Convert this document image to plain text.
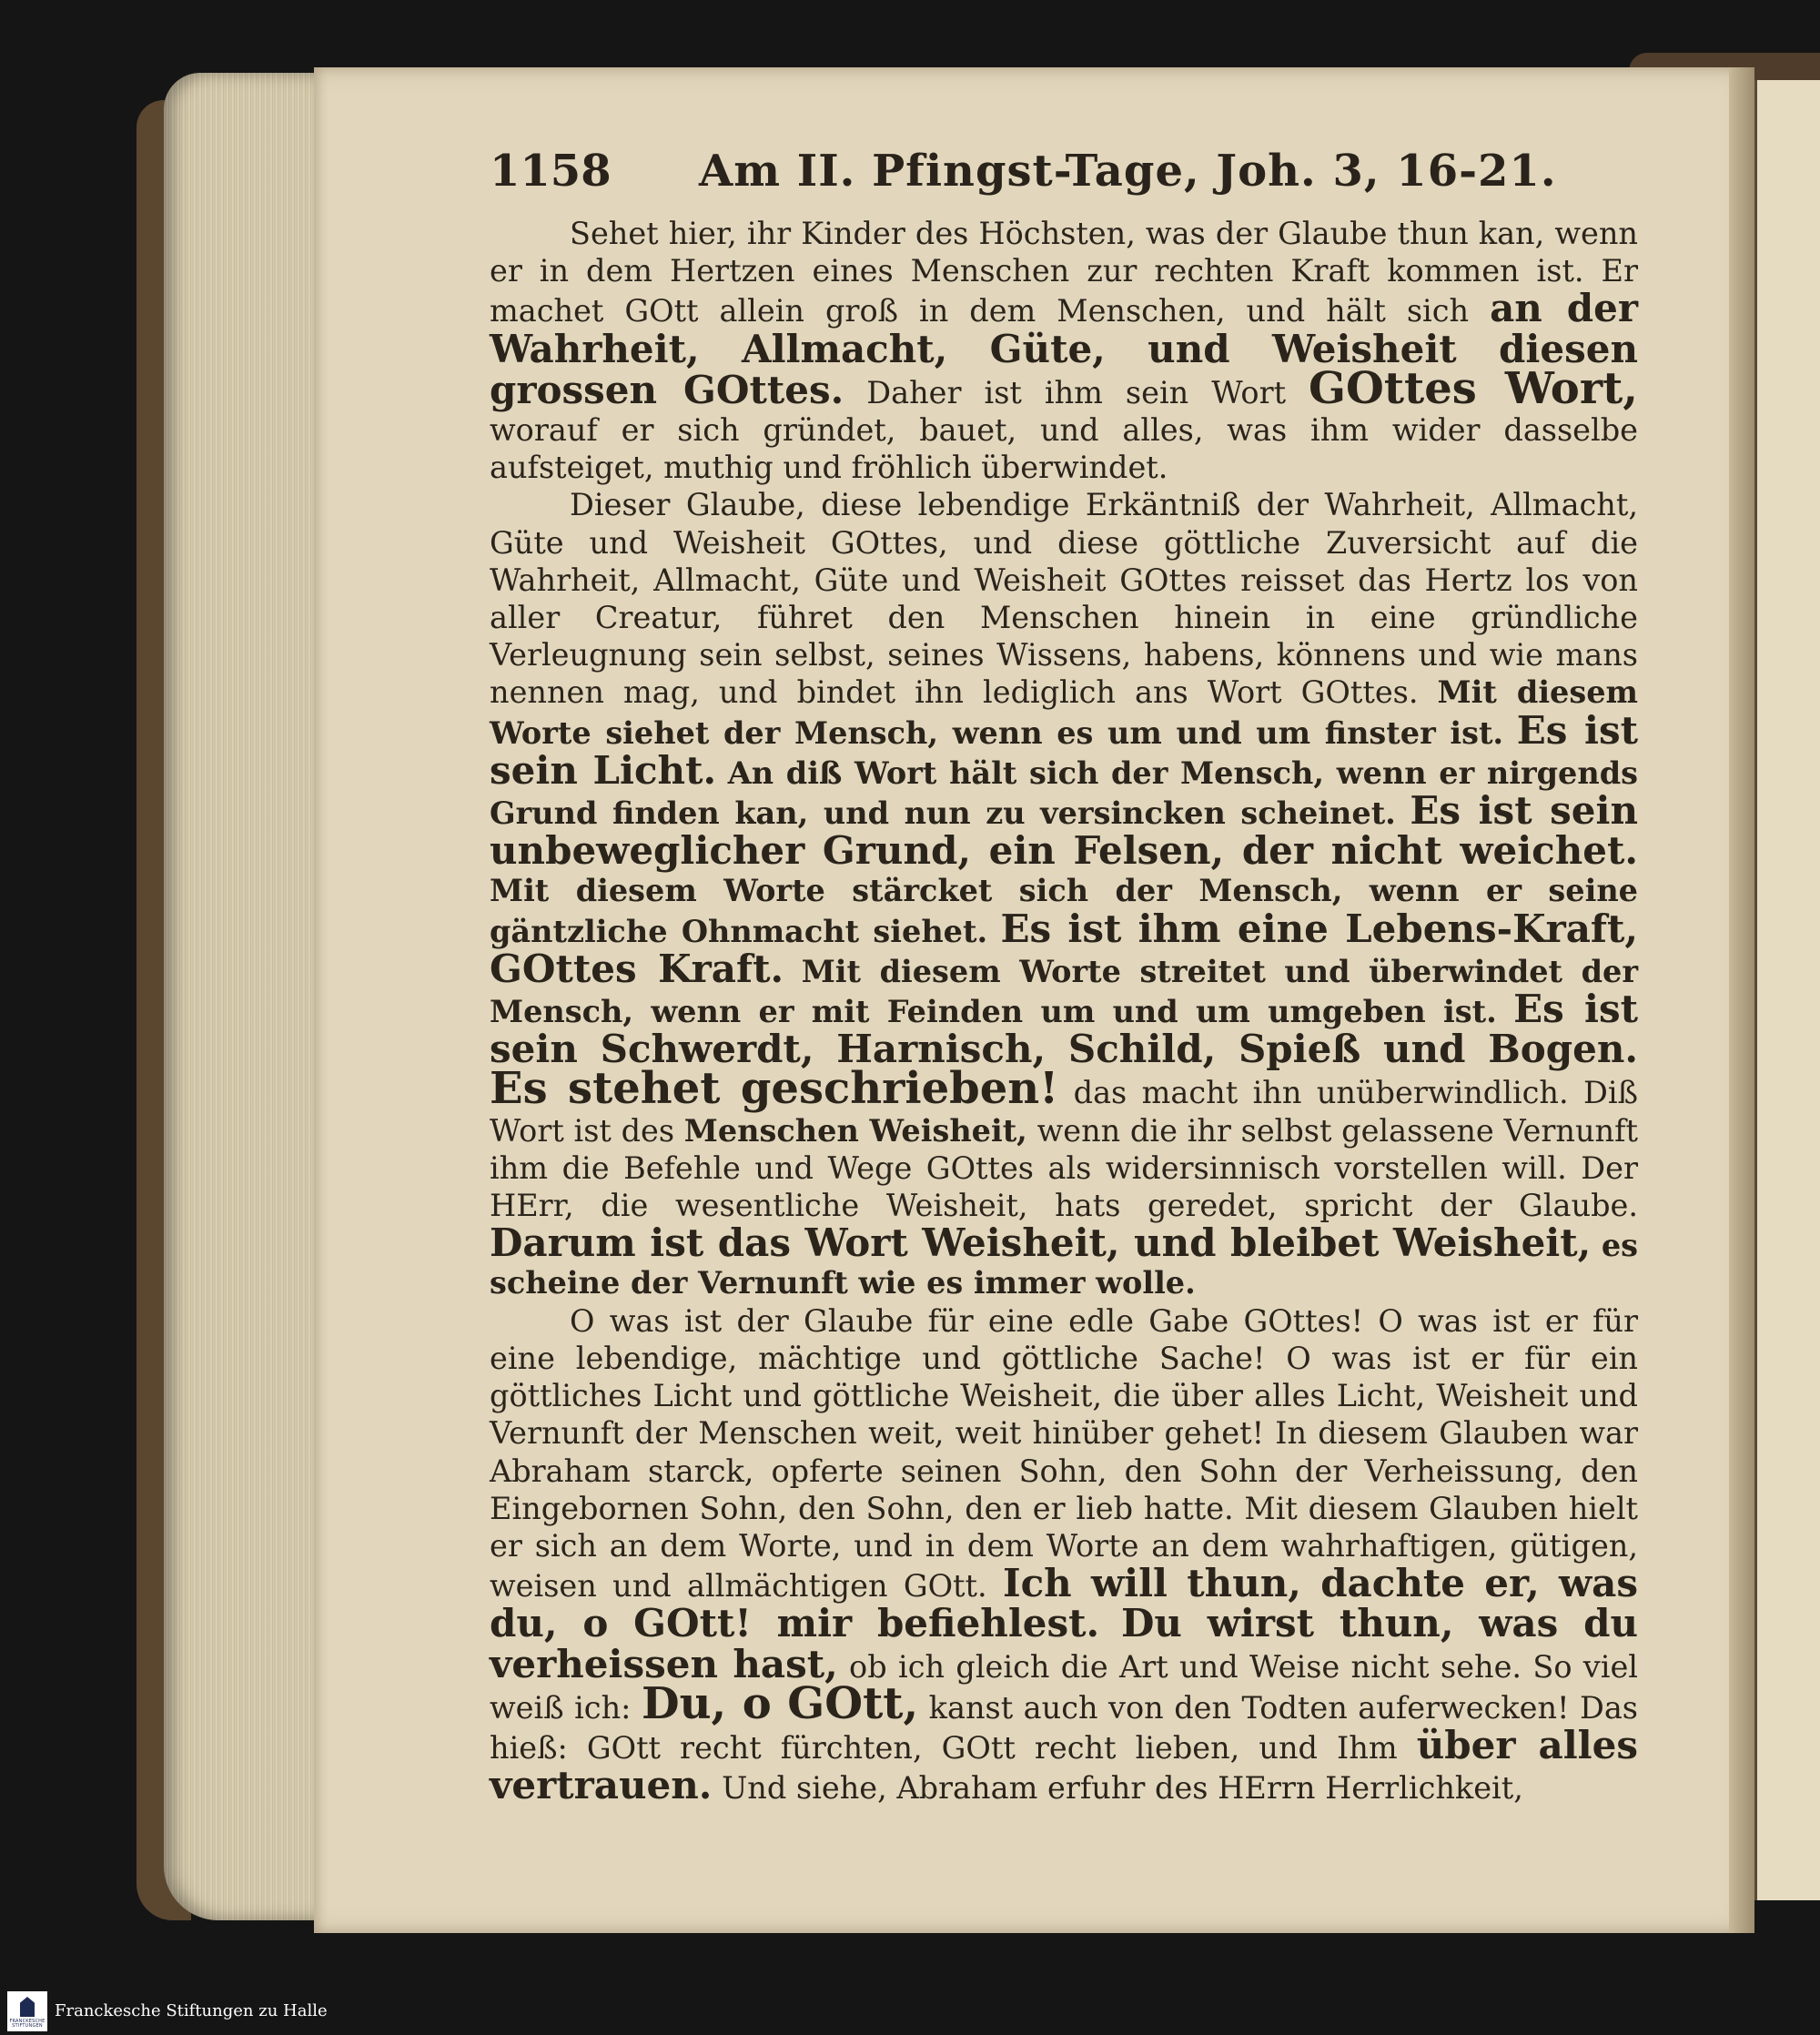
1158 Am II. Pfingst-Tage, Joh. 3, 16-21.

Sehet hier, ihr Kinder des Höchsten, was der Glaube thun kan, wenn er in dem Hertzen eines Menschen zur rechten Kraft kommen ist. Er machet GOtt allein groß in dem Menschen, und hält sich an der Wahrheit, Allmacht, Güte, und Weisheit diesen grossen GOttes. Daher ist ihm sein Wort GOttes Wort, worauf er sich gründet, bauet, und alles, was ihm wider dasselbe aufsteiget, muthig und fröhlich überwindet.

Dieser Glaube, diese lebendige Erkäntniß der Wahrheit, Allmacht, Güte und Weisheit GOttes, und diese göttliche Zuversicht auf die Wahrheit, Allmacht, Güte und Weisheit GOttes reisset das Hertz los von aller Creatur, führet den Menschen hinein in eine gründliche Verleugnung sein selbst, seines Wissens, habens, könnens und wie mans nennen mag, und bindet ihn lediglich ans Wort GOttes. Mit diesem Worte siehet der Mensch, wenn es um und um finster ist. Es ist sein Licht. An diß Wort hält sich der Mensch, wenn er nirgends Grund finden kan, und nun zu versincken scheinet. Es ist sein unbeweglicher Grund, ein Felsen, der nicht weichet. Mit diesem Worte stärcket sich der Mensch, wenn er seine gäntzliche Ohnmacht siehet. Es ist ihm eine Lebens-Kraft, GOttes Kraft. Mit diesem Worte streitet und überwindet der Mensch, wenn er mit Feinden um und um umgeben ist. Es ist sein Schwerdt, Harnisch, Schild, Spieß und Bogen. Es stehet geschrieben! das macht ihn unüberwindlich. Diß Wort ist des Menschen Weisheit, wenn die ihr selbst gelassene Vernunft ihm die Befehle und Wege GOttes als widersinnisch vorstellen will. Der HErr, die wesentliche Weisheit, hats geredet, spricht der Glaube. Darum ist das Wort Weisheit, und bleibet Weisheit, es scheine der Vernunft wie es immer wolle.

O was ist der Glaube für eine edle Gabe GOttes! O was ist er für eine lebendige, mächtige und göttliche Sache! O was ist er für ein göttliches Licht und göttliche Weisheit, die über alles Licht, Weisheit und Vernunft der Menschen weit, weit hinüber gehet! In diesem Glauben war Abraham starck, opferte seinen Sohn, den Sohn der Verheissung, den Eingebornen Sohn, den Sohn, den er lieb hatte. Mit diesem Glauben hielt er sich an dem Worte, und in dem Worte an dem wahrhaftigen, gütigen, weisen und allmächtigen GOtt. Ich will thun, dachte er, was du, o GOtt! mir befiehlest. Du wirst thun, was du verheissen hast, ob ich gleich die Art und Weise nicht sehe. So viel weiß ich: Du, o GOtt, kanst auch von den Todten auferwecken! Das hieß: GOtt recht fürchten, GOtt recht lieben, und Ihm über alles vertrauen. Und siehe, Abraham erfuhr des HErrn Herrlichkeit,

FRANCKESCHE STIFTUNGEN
Franckesche Stiftungen zu Halle
